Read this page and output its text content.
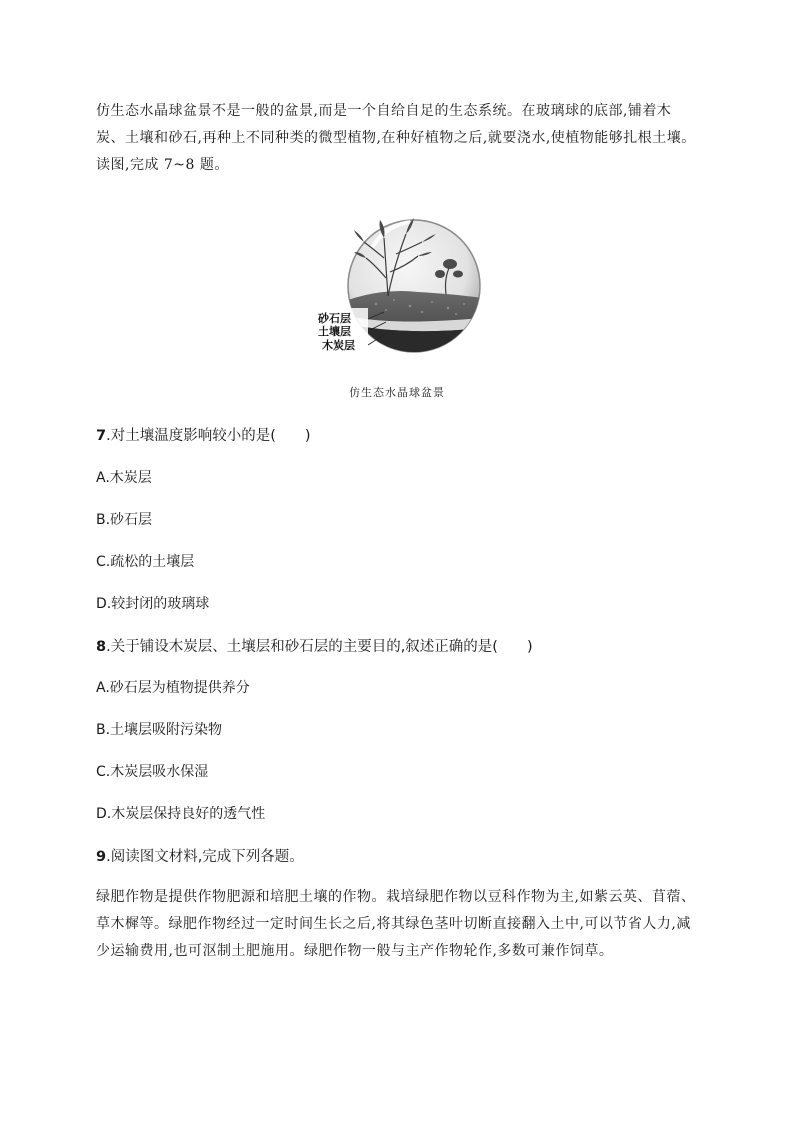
仿生态水晶球盆景不是一般的盆景,而是一个自给自足的生态系统。在玻璃球的底部,铺着木炭、土壤和砂石,再种上不同种类的微型植物,在种好植物之后,就要浇水,使植物能够扎根土壤。读图,完成 7~8 题。

砂石层
土壤层
木炭层

仿生态水晶球盆景

7.对土壤温度影响较小的是(　　)

A.木炭层

B.砂石层

C.疏松的土壤层

D.较封闭的玻璃球

8.关于铺设木炭层、土壤层和砂石层的主要目的,叙述正确的是(　　)

A.砂石层为植物提供养分

B.土壤层吸附污染物

C.木炭层吸水保湿

D.木炭层保持良好的透气性

9.阅读图文材料,完成下列各题。

绿肥作物是提供作物肥源和培肥土壤的作物。栽培绿肥作物以豆科作物为主,如紫云英、苜蓿、草木樨等。绿肥作物经过一定时间生长之后,将其绿色茎叶切断直接翻入土中,可以节省人力,减少运输费用,也可沤制土肥施用。绿肥作物一般与主产作物轮作,多数可兼作饲草。
